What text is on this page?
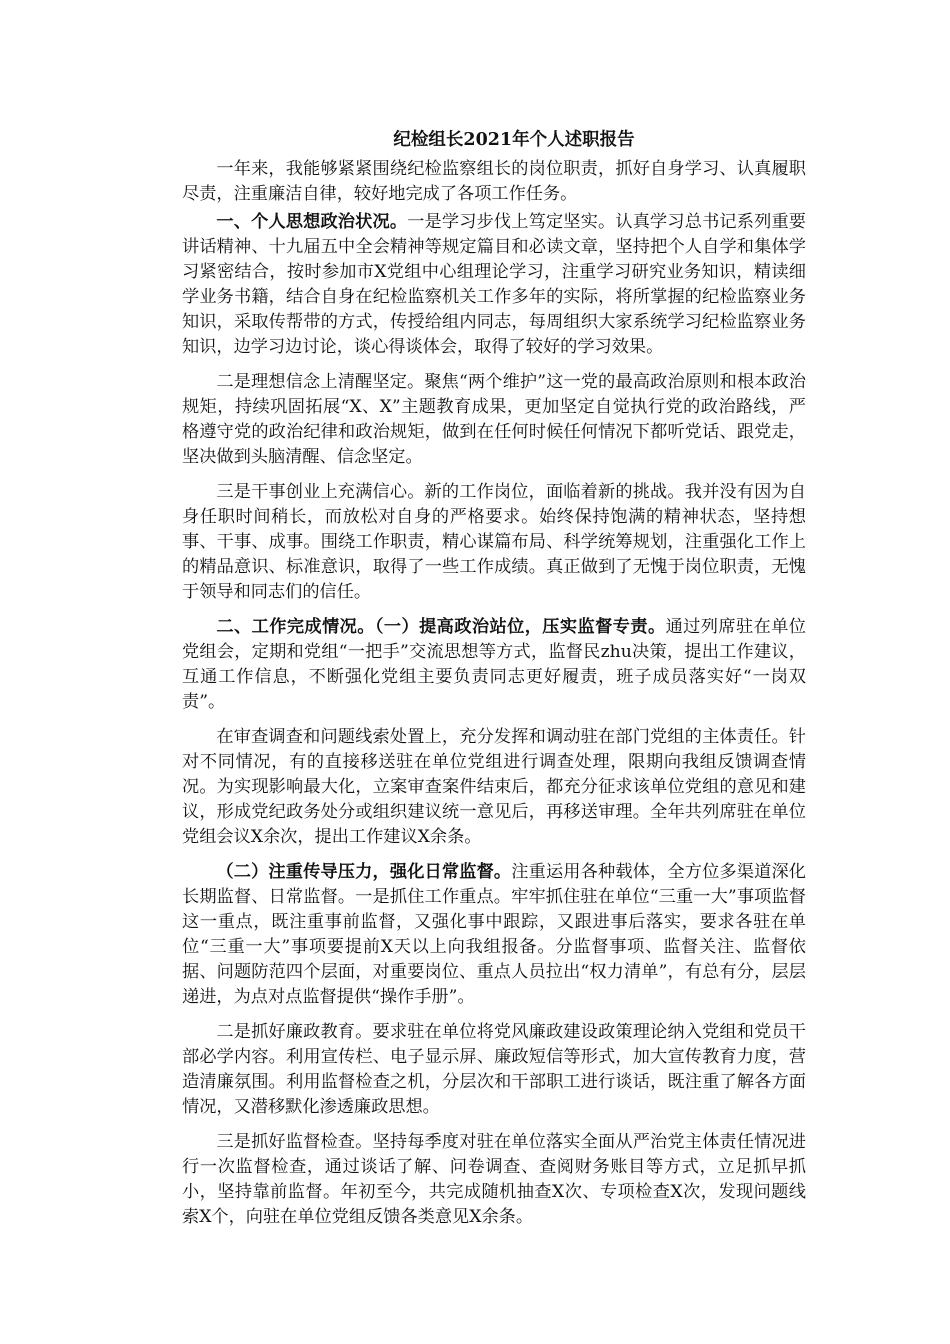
纪检组长2021年个人述职报告

一年来，我能够紧紧围绕纪检监察组长的岗位职责，抓好自身学习、认真履职尽责，注重廉洁自律，较好地完成了各项工作任务。

一、个人思想政治状况。一是学习步伐上笃定坚实。认真学习总书记系列重要讲话精神、十九届五中全会精神等规定篇目和必读文章，坚持把个人自学和集体学习紧密结合，按时参加市X党组中心组理论学习，注重学习研究业务知识，精读细学业务书籍，结合自身在纪检监察机关工作多年的实际，将所掌握的纪检监察业务知识，采取传帮带的方式，传授给组内同志，每周组织大家系统学习纪检监察业务知识，边学习边讨论，谈心得谈体会，取得了较好的学习效果。

二是理想信念上清醒坚定。聚焦“两个维护”这一党的最高政治原则和根本政治规矩，持续巩固拓展“X、X”主题教育成果，更加坚定自觉执行党的政治路线，严格遵守党的政治纪律和政治规矩，做到在任何时候任何情况下都听党话、跟党走，坚决做到头脑清醒、信念坚定。

三是干事创业上充满信心。新的工作岗位，面临着新的挑战。我并没有因为自身任职时间稍长，而放松对自身的严格要求。始终保持饱满的精神状态，坚持想事、干事、成事。围绕工作职责，精心谋篇布局、科学统筹规划，注重强化工作上的精品意识、标准意识，取得了一些工作成绩。真正做到了无愧于岗位职责，无愧于领导和同志们的信任。

二、工作完成情况。（一）提高政治站位，压实监督专责。通过列席驻在单位党组会，定期和党组“一把手”交流思想等方式，监督民zhu决策，提出工作建议，互通工作信息，不断强化党组主要负责同志更好履责，班子成员落实好“一岗双责”。

在审查调查和问题线索处置上，充分发挥和调动驻在部门党组的主体责任。针对不同情况，有的直接移送驻在单位党组进行调查处理，限期向我组反馈调查情况。为实现影响最大化，立案审查案件结束后，都充分征求该单位党组的意见和建议，形成党纪政务处分或组织建议统一意见后，再移送审理。全年共列席驻在单位党组会议X余次，提出工作建议X余条。

（二）注重传导压力，强化日常监督。注重运用各种载体，全方位多渠道深化长期监督、日常监督。一是抓住工作重点。牢牢抓住驻在单位“三重一大”事项监督这一重点，既注重事前监督，又强化事中跟踪，又跟进事后落实，要求各驻在单位“三重一大”事项要提前X天以上向我组报备。分监督事项、监督关注、监督依据、问题防范四个层面，对重要岗位、重点人员拉出“权力清单”，有总有分，层层递进，为点对点监督提供“操作手册”。

二是抓好廉政教育。要求驻在单位将党风廉政建设政策理论纳入党组和党员干部必学内容。利用宣传栏、电子显示屏、廉政短信等形式，加大宣传教育力度，营造清廉氛围。利用监督检查之机，分层次和干部职工进行谈话，既注重了解各方面情况，又潜移默化渗透廉政思想。

三是抓好监督检查。坚持每季度对驻在单位落实全面从严治党主体责任情况进行一次监督检查，通过谈话了解、问卷调查、查阅财务账目等方式，立足抓早抓小，坚持靠前监督。年初至今，共完成随机抽查X次、专项检查X次，发现问题线索X个，向驻在单位党组反馈各类意见X余条。
